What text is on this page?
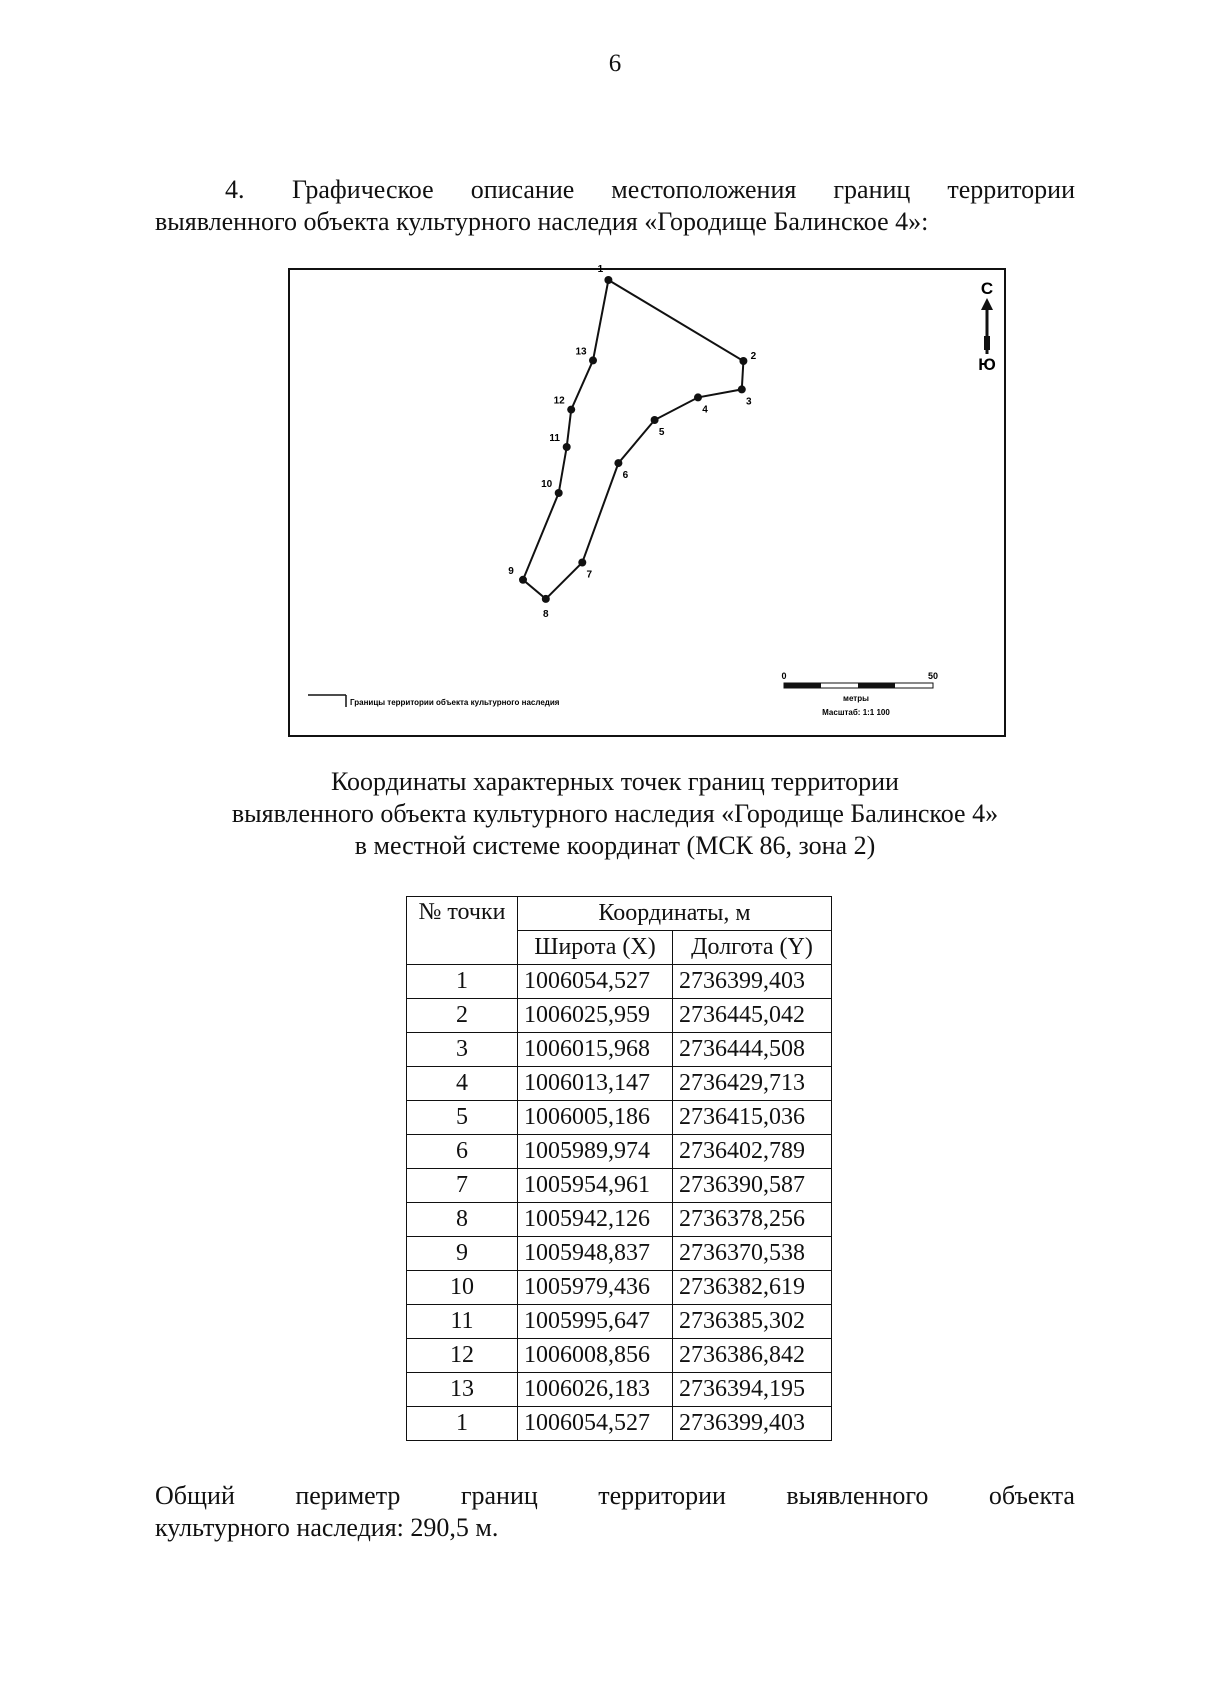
6
4. Графическое описание местоположения границ территории
выявленного объекта культурного наследия «Городище Балинское 4»:
1
2
3
4
5
6
7
8
9
10
11
12
13
С
Ю
Границы территории объекта культурного наследия
0	50
метры
Масштаб: 1:1 100
Координаты характерных точек границ территории
выявленного объекта культурного наследия «Городище Балинское 4»
в местной системе координат (МСК 86, зона 2)
№ точки	Координаты, м	
	Широта (X)	Долгота (Y)
1	1006054,527	2736399,403
2	1006025,959	2736445,042
3	1006015,968	2736444,508
4	1006013,147	2736429,713
5	1006005,186	2736415,036
6	1005989,974	2736402,789
7	1005954,961	2736390,587
8	1005942,126	2736378,256
9	1005948,837	2736370,538
10	1005979,436	2736382,619
11	1005995,647	2736385,302
12	1006008,856	2736386,842
13	1006026,183	2736394,195
1	1006054,527	2736399,403
Общий периметр границ территории выявленного объекта
культурного наследия: 290,5 м.
